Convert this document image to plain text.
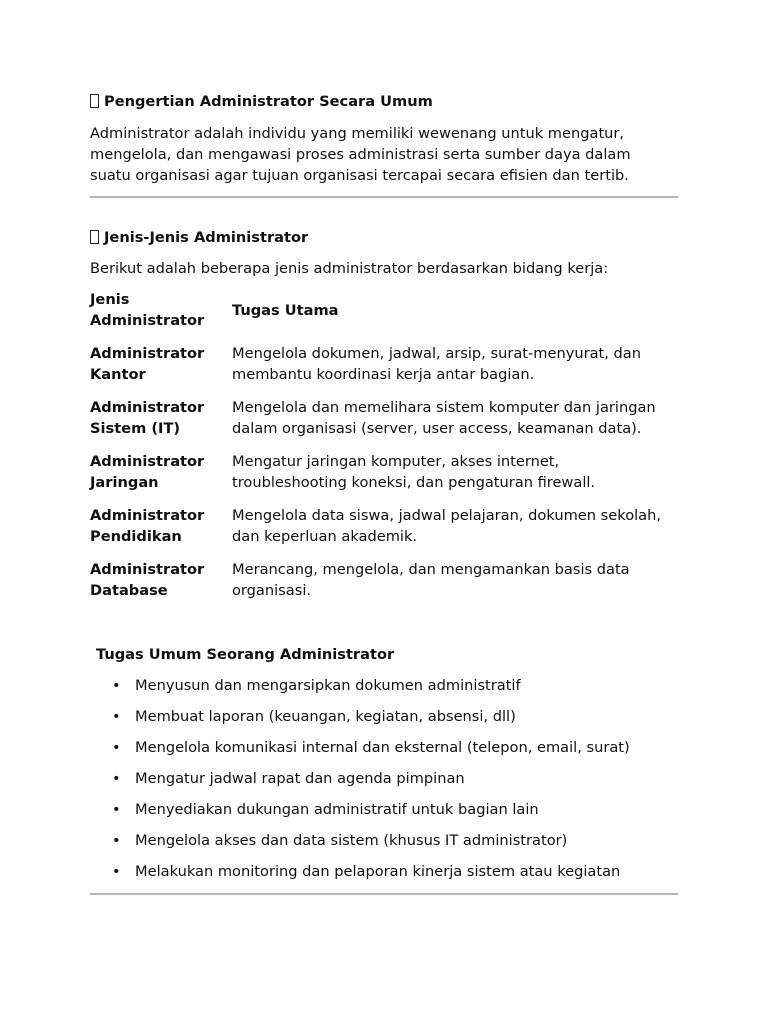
Pengertian Administrator Secara Umum

Administrator adalah individu yang memiliki wewenang untuk mengatur, mengelola, dan mengawasi proses administrasi serta sumber daya dalam suatu organisasi agar tujuan organisasi tercapai secara efisien dan tertib.

Jenis-Jenis Administrator

Berikut adalah beberapa jenis administrator berdasarkan bidang kerja:

Jenis Administrator	Tugas Utama
Administrator Kantor	Mengelola dokumen, jadwal, arsip, surat-menyurat, dan membantu koordinasi kerja antar bagian.
Administrator Sistem (IT)	Mengelola dan memelihara sistem komputer dan jaringan dalam organisasi (server, user access, keamanan data).
Administrator Jaringan	Mengatur jaringan komputer, akses internet, troubleshooting koneksi, dan pengaturan firewall.
Administrator Pendidikan	Mengelola data siswa, jadwal pelajaran, dokumen sekolah, dan keperluan akademik.
Administrator Database	Merancang, mengelola, dan mengamankan basis data organisasi.
Tugas Umum Seorang Administrator
• Menyusun dan mengarsipkan dokumen administratif
• Membuat laporan (keuangan, kegiatan, absensi, dll)
• Mengelola komunikasi internal dan eksternal (telepon, email, surat)
• Mengatur jadwal rapat dan agenda pimpinan
• Menyediakan dukungan administratif untuk bagian lain
• Mengelola akses dan data sistem (khusus IT administrator)
• Melakukan monitoring dan pelaporan kinerja sistem atau kegiatan
